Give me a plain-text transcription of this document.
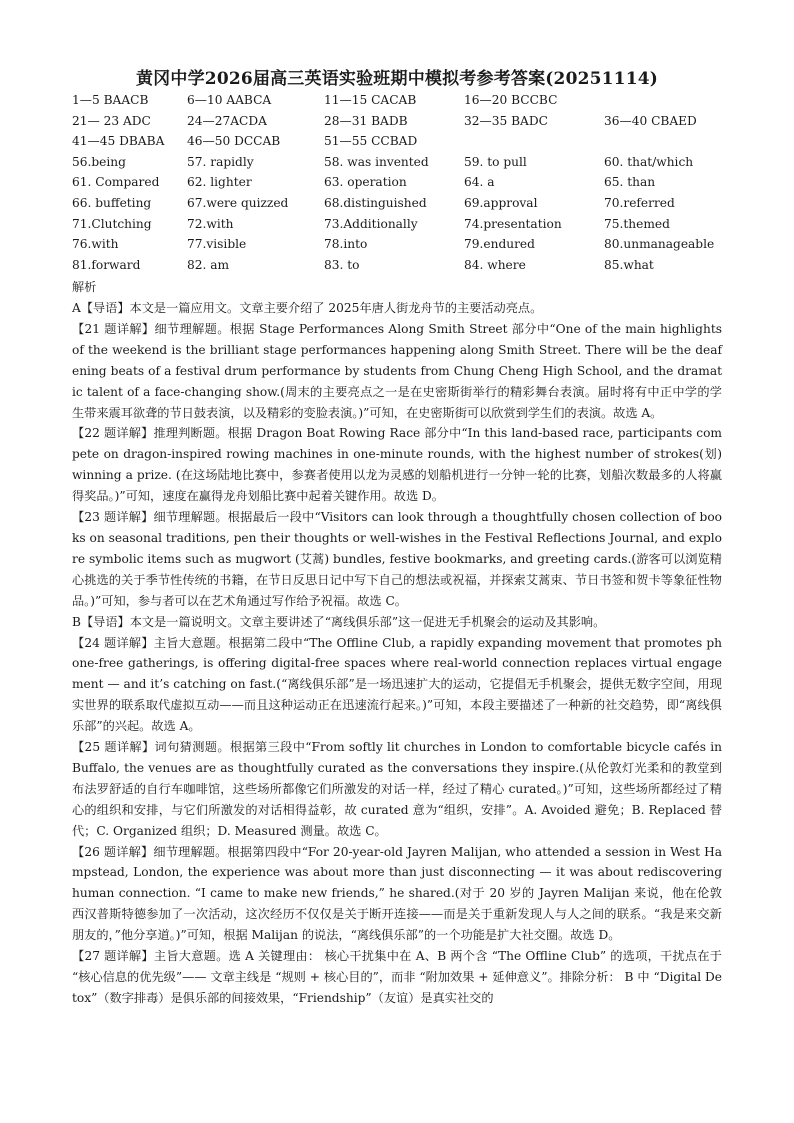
黄冈中学2026届高三英语实验班期中模拟考参考答案(20251114)
1—5 BAACB	6—10 AABCA	11—15 CACAB	16—20 BCCBC
21— 23 ADC	24—27ACDA	28—31 BADB	32—35 BADC	36—40 CBAED
41—45 DBABA 46—50 DCCAB	51—55 CCBAD
56.being	57. rapidly	58. was invented	59. to pull	60. that/which
61. Compared 62. lighter	63. operation	64. a	65. than
66. buffeting	67.were quizzed	68.distinguished	69.approval	70.referred
71.Clutching	72.with	73.Additionally	74.presentation	75.themed
76.with	77.visible	78.into	79.endured	80.unmanageable
81.forward	82. am	83. to	84. where	85.what
解析

A【导语】本文是一篇应用文。文章主要介绍了 2025年唐人街龙舟节的主要活动亮点。

【21 题详解】细节理解题。根据 Stage Performances Along Smith Street 部分中“One of the main highlights of the weekend is the brilliant stage performances happening along Smith Street. There will be the deafening beats of a festival drum performance by students from Chung Cheng High School, and the dramatic talent of a face-changing show.(周末的主要亮点之一是在史密斯街举行的精彩舞台表演。届时将有中正中学的学生带来震耳欲聋的节日鼓表演，以及精彩的变脸表演。)”可知，在史密斯街可以欣赏到学生们的表演。故选 A。

【22 题详解】推理判断题。根据 Dragon Boat Rowing Race 部分中“In this land-based race, participants compete on dragon-inspired rowing machines in one-minute rounds, with the highest number of strokes(划) winning a prize. (在这场陆地比赛中，参赛者使用以龙为灵感的划船机进行一分钟一轮的比赛，划船次数最多的人将赢得奖品。)”可知，速度在赢得龙舟划船比赛中起着关键作用。故选 D。

【23 题详解】细节理解题。根据最后一段中“Visitors can look through a thoughtfully chosen collection of books on seasonal traditions, pen their thoughts or well-wishes in the Festival Reflections Journal, and explore symbolic items such as mugwort (艾蒿) bundles, festive bookmarks, and greeting cards.(游客可以浏览精心挑选的关于季节性传统的书籍，在节日反思日记中写下自己的想法或祝福，并探索艾蒿束、节日书签和贺卡等象征性物品。)”可知，参与者可以在艺术角通过写作给予祝福。故选 C。

B【导语】本文是一篇说明文。文章主要讲述了“离线俱乐部”这一促进无手机聚会的运动及其影响。

【24 题详解】主旨大意题。根据第二段中“The Offline Club, a rapidly expanding movement that promotes phone-free gatherings, is offering digital-free spaces where real-world connection replaces virtual engagement — and it’s catching on fast.(“离线俱乐部”是一场迅速扩大的运动，它提倡无手机聚会，提供无数字空间，用现实世界的联系取代虚拟互动——而且这种运动正在迅速流行起来。)”可知，本段主要描述了一种新的社交趋势，即“离线俱乐部”的兴起。故选 A。

【25 题详解】词句猜测题。根据第三段中“From softly lit churches in London to comfortable bicycle cafés in Buffalo, the venues are as thoughtfully curated as the conversations they inspire.(从伦敦灯光柔和的教堂到布法罗舒适的自行车咖啡馆，这些场所都像它们所激发的对话一样，经过了精心 curated。)”可知，这些场所都经过了精心的组织和安排，与它们所激发的对话相得益彰，故 curated 意为“组织，安排”。A. Avoided 避免；B. Replaced 替代；C. Organized 组织；D. Measured 测量。故选 C。

【26 题详解】细节理解题。根据第四段中“For 20-year-old Jayren Malijan, who attended a session in West Hampstead, London, the experience was about more than just disconnecting — it was about rediscovering human connection. “I came to make new friends,” he shared.(对于 20 岁的 Jayren Malijan 来说，他在伦敦西汉普斯特德参加了一次活动，这次经历不仅仅是关于断开连接——而是关于重新发现人与人之间的联系。“我是来交新朋友的，”他分享道。)”可知，根据 Malijan 的说法，“离线俱乐部”的一个功能是扩大社交圈。故选 D。

【27 题详解】主旨大意题。选 A 关键理由： 核心干扰集中在 A、B 两个含 “The Offline Club” 的选项，干扰点在于 “核心信息的优先级”—— 文章主线是 “规则 + 核心目的”，而非 “附加效果 + 延伸意义”。排除分析： B 中 “Digital Detox”（数字排毒）是俱乐部的间接效果，“Friendship”（友谊）是真实社交的
